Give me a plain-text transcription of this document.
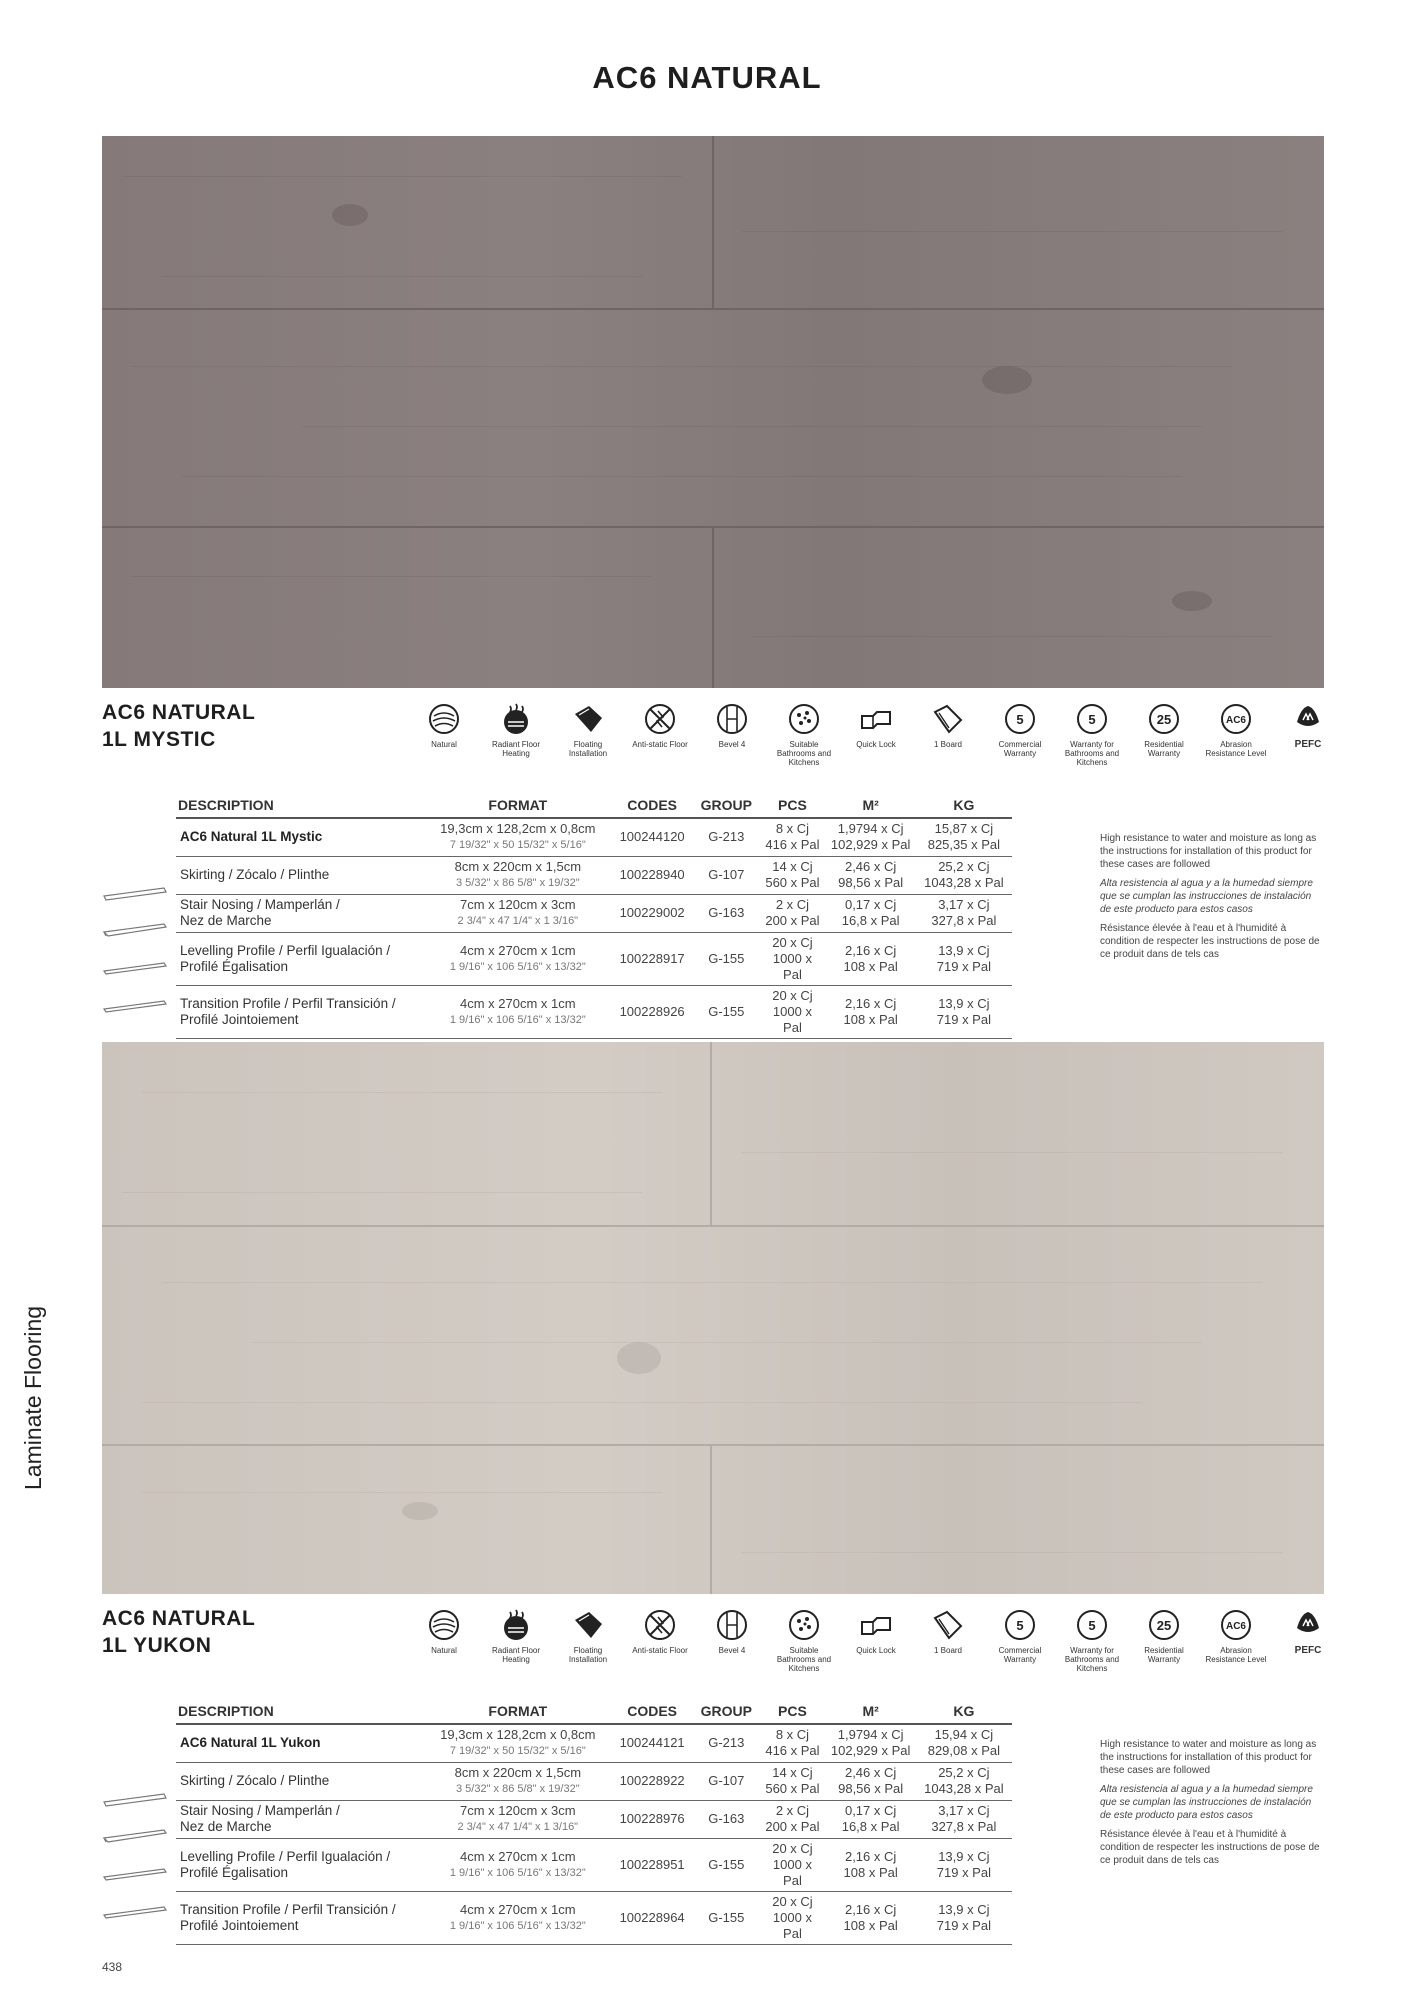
AC6 NATURAL
Laminate Flooring
438
AC6 NATURAL
1L MYSTIC	Natural	Radiant Floor Heating
Floating Installation
Anti-static Floor	Bevel 4	Suitable Bathrooms and Kitchens
Quick Lock	1 Board
5
Commercial Warranty
5
Warranty for Bathrooms and Kitchens
25
Residential Warranty
AC6
Abrasion Resistance Level
PEFC
DESCRIPTION	FORMAT	CODES	GROUP	PCS	M²	KG

AC6 Natural 1L Mystic	19,3cm x 128,2cm x 0,8cm
7 19/32" x 50 15/32" x 5/16"	100244120	G-213	8 x Cj
416 x Pal	1,9794 x Cj
102,929 x Pal	15,87 x Cj
825,35 x Pal

Skirting / Zócalo / Plinthe	8cm x 220cm x 1,5cm
3 5/32" x 86 5/8" x 19/32"	100228940	G-107	14 x Cj
560 x Pal	2,46 x Cj
98,56 x Pal	25,2 x Cj
1043,28 x Pal

Stair Nosing / Mamperlán /
Nez de Marche	7cm x 120cm x 3cm
2 3/4" x 47 1/4" x 1 3/16"	100229002	G-163	2 x Cj
200 x Pal	0,17 x Cj
16,8 x Pal	3,17 x Cj
327,8 x Pal

Levelling Profile / Perfil Igualación /
Profilé Égalisation	4cm x 270cm x 1cm
1 9/16" x 106 5/16" x 13/32"	100228917	G-155	20 x Cj
1000 x Pal	2,16 x Cj
108 x Pal	13,9 x Cj
719 x Pal

Transition Profile / Perfil Transición /
Profilé Jointoiement	4cm x 270cm x 1cm
1 9/16" x 106 5/16" x 13/32"	100228926	G-155	20 x Cj
1000 x Pal	2,16 x Cj
108 x Pal	13,9 x Cj
719 x Pal

High resistance to water and moisture as long as the instructions for installation of this product for these cases are followed

Alta resistencia al agua y a la humedad siempre que se cumplan las instrucciones de instalación de este producto para estos casos

Résistance élevée à l'eau et à l'humidité à condition de respecter les instructions de pose de ce produit dans de tels cas

AC6 NATURAL
1L YUKON	Natural	Radiant Floor Heating
Floating Installation
Anti-static Floor	Bevel 4	Suitable Bathrooms and Kitchens
Quick Lock	1 Board
5
Commercial Warranty
5
Warranty for Bathrooms and Kitchens
25
Residential Warranty
AC6
Abrasion Resistance Level
PEFC
DESCRIPTION	FORMAT	CODES	GROUP	PCS	M²	KG

AC6 Natural 1L Yukon	19,3cm x 128,2cm x 0,8cm
7 19/32" x 50 15/32" x 5/16"	100244121	G-213	8 x Cj
416 x Pal	1,9794 x Cj
102,929 x Pal	15,94 x Cj
829,08 x Pal

Skirting / Zócalo / Plinthe	8cm x 220cm x 1,5cm
3 5/32" x 86 5/8" x 19/32"	100228922	G-107	14 x Cj
560 x Pal	2,46 x Cj
98,56 x Pal	25,2 x Cj
1043,28 x Pal

Stair Nosing / Mamperlán /
Nez de Marche	7cm x 120cm x 3cm
2 3/4" x 47 1/4" x 1 3/16"	100228976	G-163	2 x Cj
200 x Pal	0,17 x Cj
16,8 x Pal	3,17 x Cj
327,8 x Pal

Levelling Profile / Perfil Igualación /
Profilé Égalisation	4cm x 270cm x 1cm
1 9/16" x 106 5/16" x 13/32"	100228951	G-155	20 x Cj
1000 x Pal	2,16 x Cj
108 x Pal	13,9 x Cj
719 x Pal

Transition Profile / Perfil Transición /
Profilé Jointoiement	4cm x 270cm x 1cm
1 9/16" x 106 5/16" x 13/32"	100228964	G-155	20 x Cj
1000 x Pal	2,16 x Cj
108 x Pal	13,9 x Cj
719 x Pal

High resistance to water and moisture as long as the instructions for installation of this product for these cases are followed

Alta resistencia al agua y a la humedad siempre que se cumplan las instrucciones de instalación de este producto para estos casos

Résistance élevée à l'eau et à l'humidité à condition de respecter les instructions de pose de ce produit dans de tels cas
